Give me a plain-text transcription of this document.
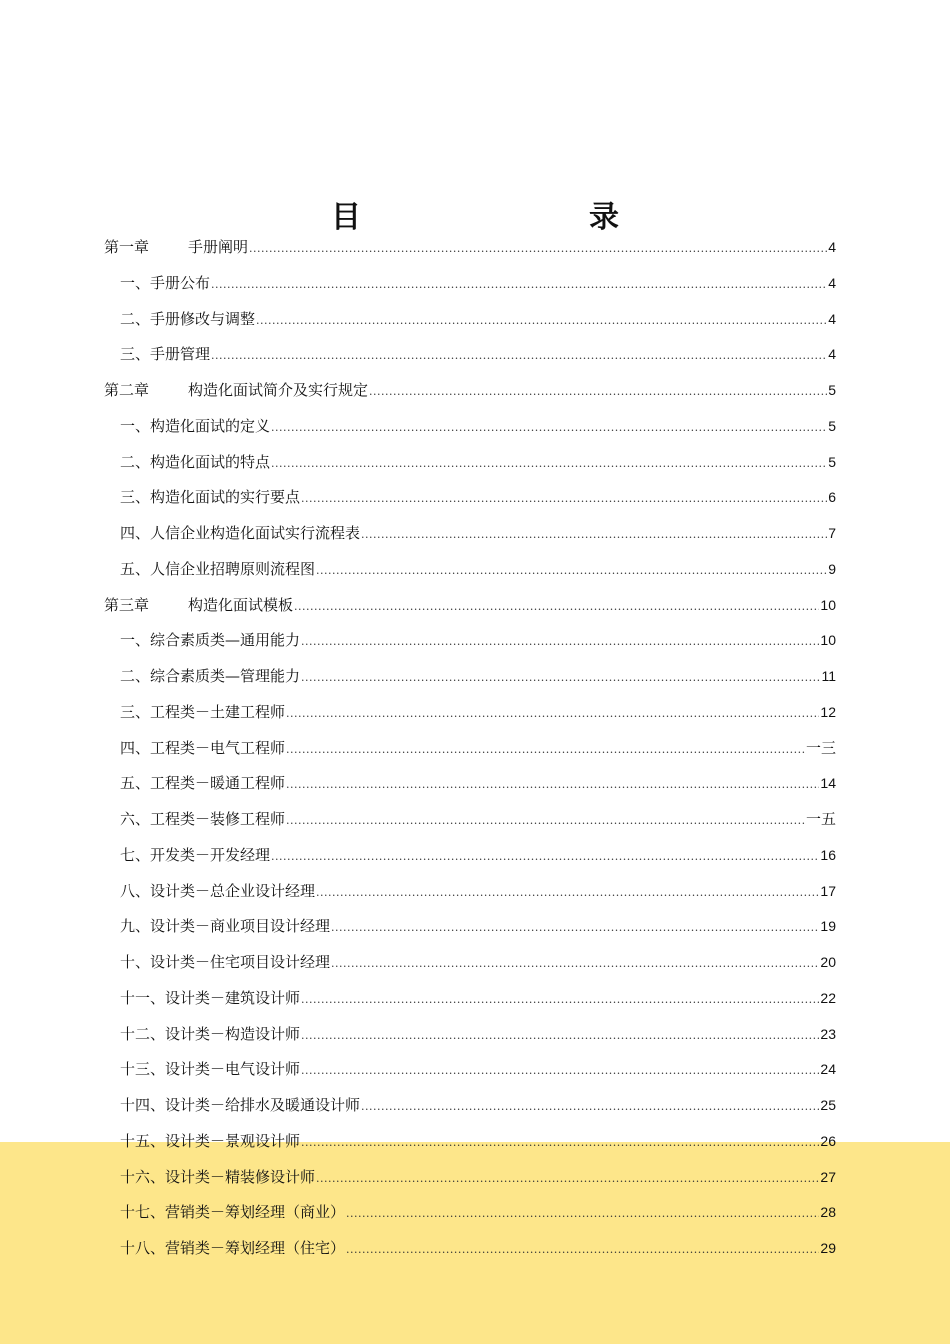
目　　录
第一章	手册阐明 .....	4
一、手册公布 .....	4
二、手册修改与调整 .....	4
三、手册管理 .....	4
第二章	构造化面试简介及实行规定 .....	5
一、构造化面试的定义 .....	5
二、构造化面试的特点 .....	5
三、构造化面试的实行要点 .....	6
四、人信企业构造化面试实行流程表 .....	7
五、人信企业招聘原则流程图 .....	9
第三章	构造化面试模板 .....	10
一、综合素质类—通用能力 .....	10
二、综合素质类—管理能力 .....	11
三、工程类－土建工程师 .....	12
四、工程类－电气工程师 .....	一三
五、工程类－暖通工程师 .....	14
六、工程类－装修工程师 .....	一五
七、开发类－开发经理 .....	16
八、设计类－总企业设计经理 .....	17
九、设计类－商业项目设计经理 .....	19
十、设计类－住宅项目设计经理 .....	20
十一、设计类－建筑设计师 .....	22
十二、设计类－构造设计师 .....	23
十三、设计类－电气设计师 .....	24
十四、设计类－给排水及暖通设计师 .....	25
十五、设计类－景观设计师 .....	26
十六、设计类－精装修设计师 .....	27
十七、营销类－筹划经理（商业） .....	28
十八、营销类－筹划经理（住宅） .....	29
